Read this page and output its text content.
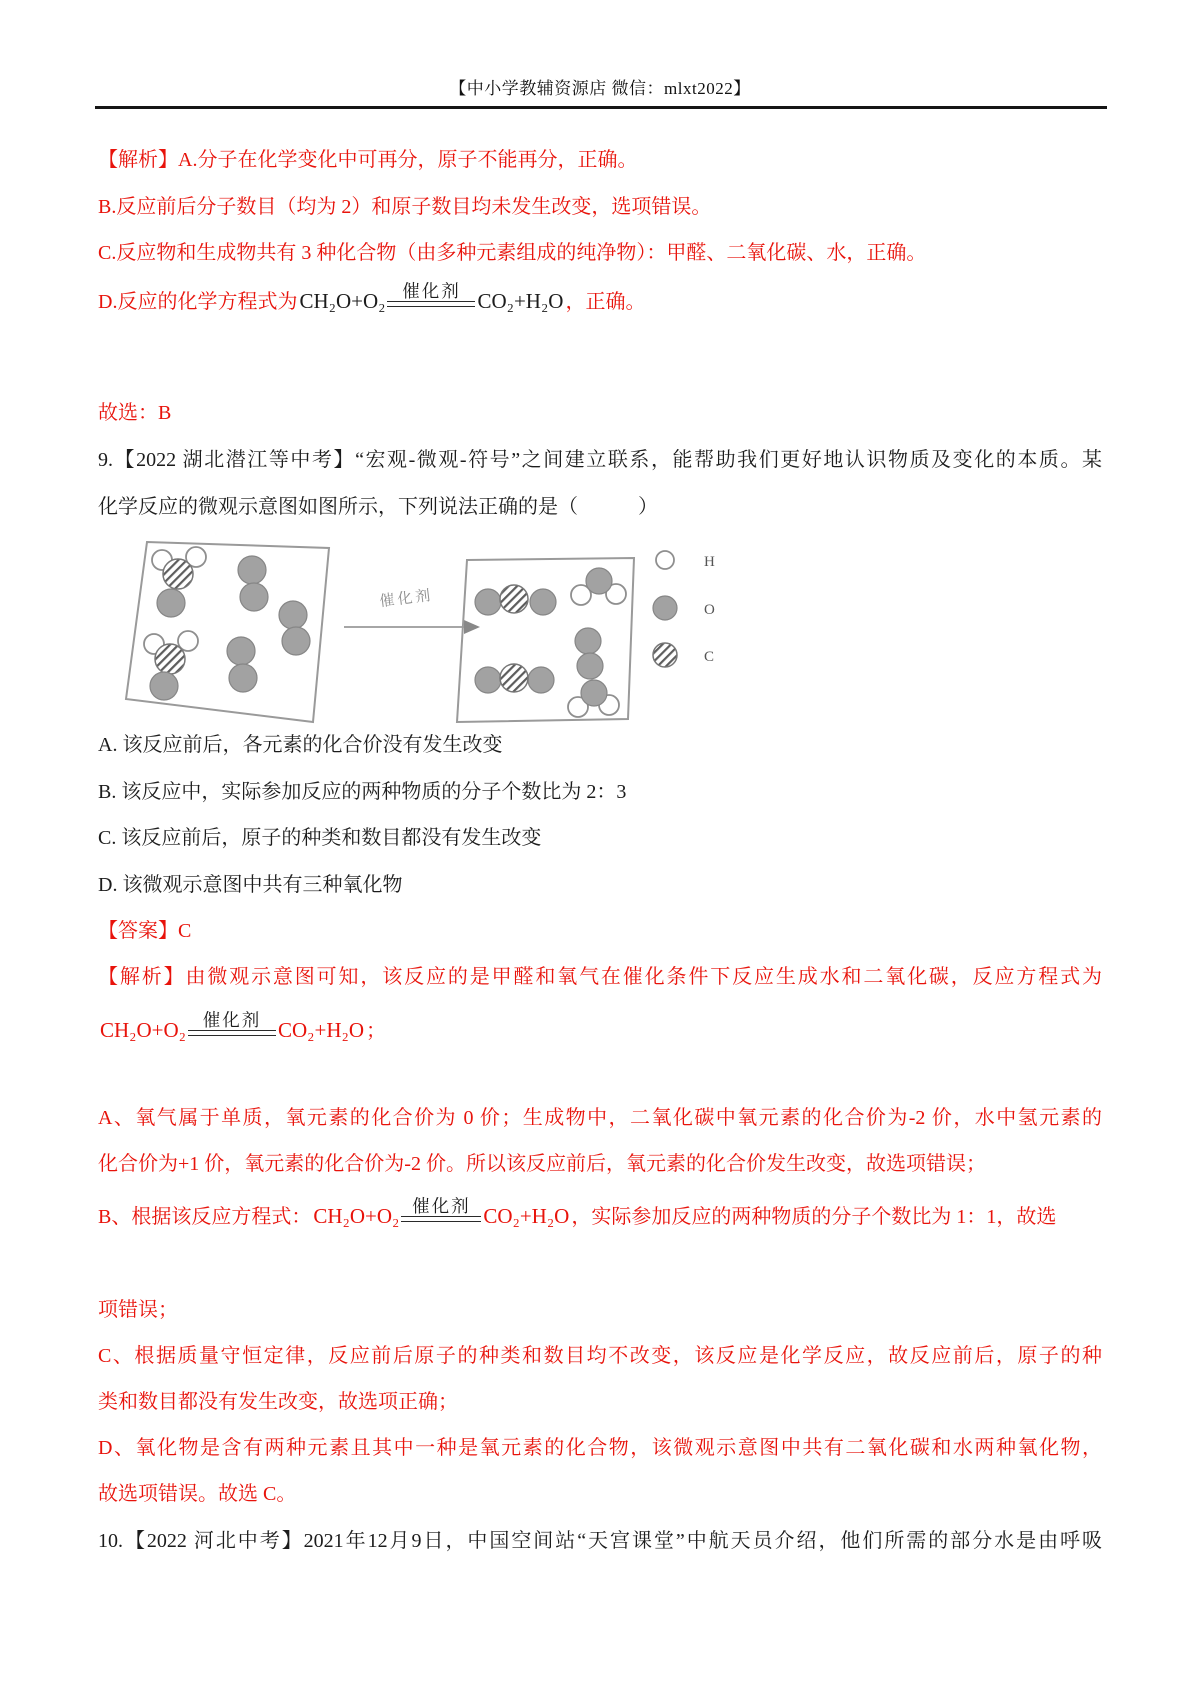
【中小学教辅资源店 微信：mlxt2022】
【解析】A.分子在化学变化中可再分，原子不能再分，正确。
B.反应前后分子数目（均为 2）和原子数目均未发生改变，选项错误。
C.反应物和生成物共有 3 种化合物（由多种元素组成的纯净物）：甲醛、二氧化碳、水，正确。
D.反应的化学方程式为 CH₂O+O₂ 催化剂 CO₂+H₂O ，正确。
故选：B
9.【2022 湖北潜江等中考】“宏观-微观-符号”之间建立联系，能帮助我们更好地认识物质及变化的本质。某
化学反应的微观示意图如图所示，下列说法正确的是（　　　）
催化剂
H
O
C
A. 该反应前后，各元素的化合价没有发生改变
B. 该反应中，实际参加反应的两种物质的分子个数比为 2：3
C. 该反应前后，原子的种类和数目都没有发生改变
D. 该微观示意图中共有三种氧化物
【答案】C
【解析】由微观示意图可知，该反应的是甲醛和氧气在催化条件下反应生成水和二氧化碳，反应方程式为
CH₂O+O₂ 催化剂 CO₂+H₂O ；
A、氧气属于单质，氧元素的化合价为 0 价；生成物中，二氧化碳中氧元素的化合价为-2 价，水中氢元素的
化合价为+1 价，氧元素的化合价为-2 价。所以该反应前后，氧元素的化合价发生改变，故选项错误；
B、根据该反应方程式： CH₂O+O₂ 催化剂 CO₂+H₂O ，实际参加反应的两种物质的分子个数比为 1：1，故选
项错误；
C、根据质量守恒定律，反应前后原子的种类和数目均不改变，该反应是化学反应，故反应前后，原子的种
类和数目都没有发生改变，故选项正确；
D、氧化物是含有两种元素且其中一种是氧元素的化合物，该微观示意图中共有二氧化碳和水两种氧化物，
故选项错误。故选 C。
10.【2022 河北中考】2021年12月9日，中国空间站“天宫课堂”中航天员介绍，他们所需的部分水是由呼吸
